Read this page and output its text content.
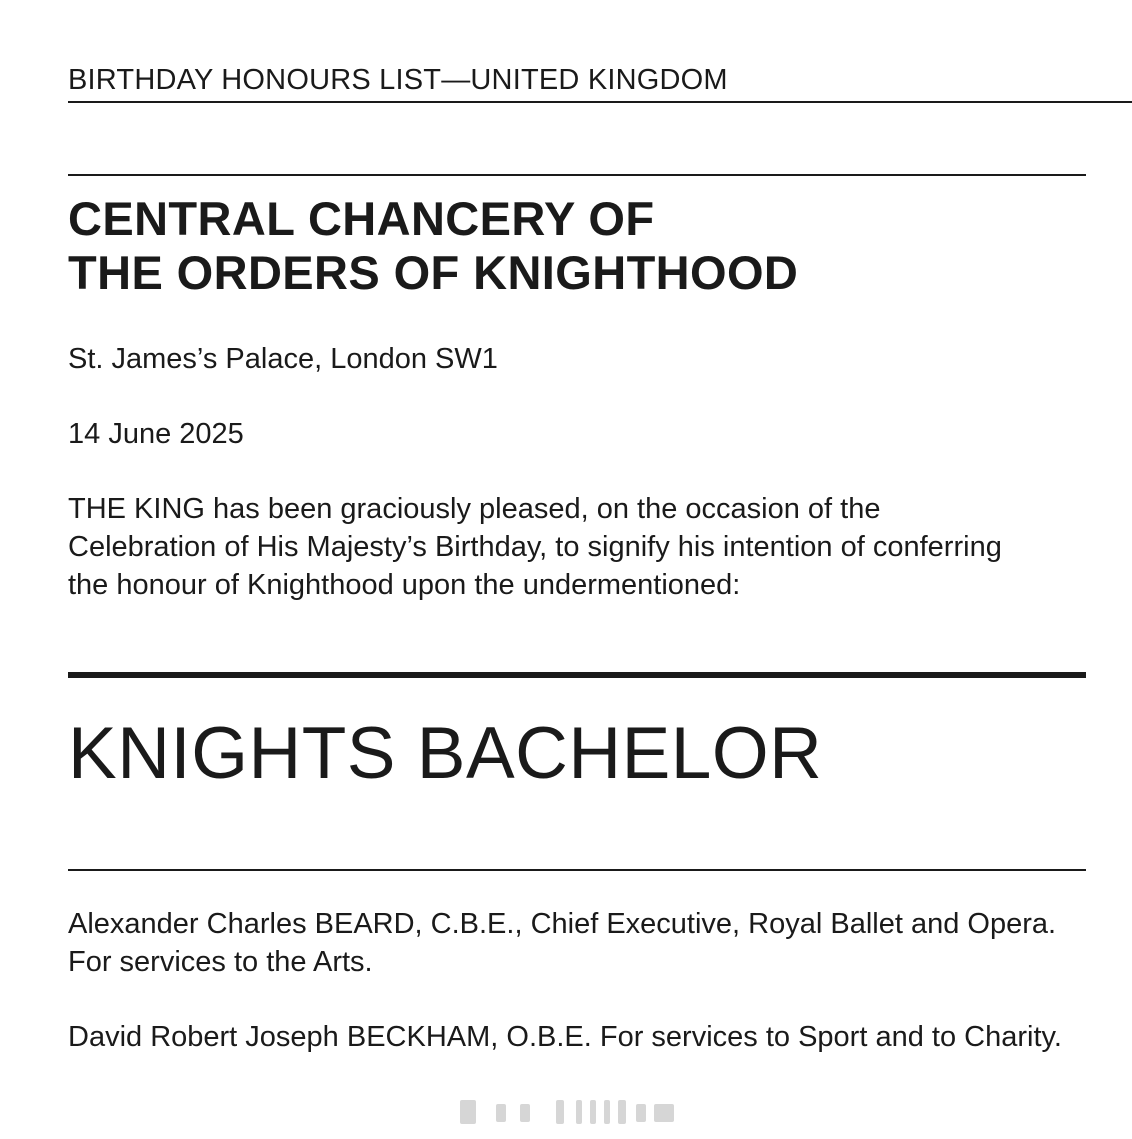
BIRTHDAY HONOURS LIST—UNITED KINGDOM
CENTRAL CHANCERY OF
THE ORDERS OF KNIGHTHOOD
St. James’s Palace, London SW1
14 June 2025
THE KING has been graciously pleased, on the occasion of the Celebration of His Majesty’s Birthday, to signify his intention of conferring the honour of Knighthood upon the undermentioned:
KNIGHTS BACHELOR
Alexander Charles BEARD, C.B.E., Chief Executive, Royal Ballet and Opera. For services to the Arts.
David Robert Joseph BECKHAM, O.B.E. For services to Sport and to Charity.
